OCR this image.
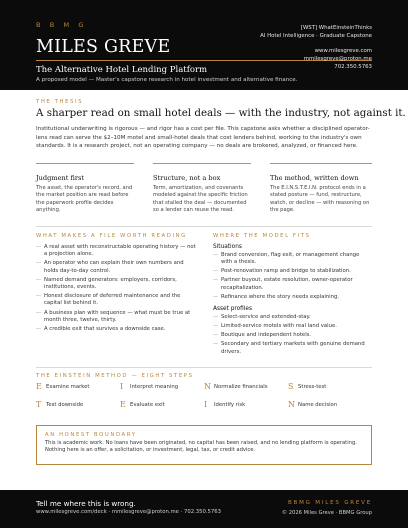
B B M G
MILES GREVE
The Alternative Hotel Lending Platform
A proposed model — Master's capstone research in hotel investment and alternative finance.
[WST] WhatEinsteinThinks
AI Hotel Intelligence · Graduate Capstone
www.milesgreve.com
mmilesgreve@proton.me
702.350.5763
THE THESIS
A sharper read on small hotel deals — with the industry, not against it.
Institutional underwriting is rigorous — and rigor has a cost per file. This capstone asks whether a disciplined operator-lens read can serve the $2–10M motel and small-hotel deals that cost lenders behind, working to the industry's own standards. It is a research project, not an operating company — no deals are brokered, analyzed, or financed here.
Judgment first
The asset, the operator's record, and the market position are read before the paperwork profile decides anything.
Structure, not a box
Term, amortization, and covenants modeled against the specific friction that stalled the deal — documented so a lender can reuse the read.
The method, written down
The E.I.N.S.T.E.I.N. protocol ends in a stated posture — fund, restructure, watch, or decline — with reasoning on the page.
WHAT MAKES A FILE WORTH READING
— A real asset with reconstructable operating history — not a projection alone.
— An operator who can explain their own numbers and holds day-to-day control.
— Named demand generators: employers, corridors, institutions, events.
— Honest disclosure of deferred maintenance and the capital list behind it.
— A business plan with sequence — what must be true at month three, twelve, thirty.
— A credible exit that survives a downside case.
WHERE THE MODEL FITS
Situations
— Brand conversion, flag exit, or management change with a thesis.
— Post-renovation ramp and bridge to stabilization.
— Partner buyout, estate resolution, owner-operator recapitalization.
— Refinance where the story needs explaining.
Asset profiles
— Select-service and extended-stay.
— Limited-service motels with real land value.
— Boutique and independent hotels.
— Secondary and tertiary markets with genuine demand drivers.
THE EINSTEIN METHOD — EIGHT STEPS
E Examine market	I Interpret meaning	N Normalize financials	S Stress-test
T Test downside	E Evaluate exit	I Identify risk	N Name decision
AN HONEST BOUNDARY
This is academic work. No loans have been originated, no capital has been raised, and no lending platform is operating. Nothing here is an offer, a solicitation, or investment, legal, tax, or credit advice.
Tell me where this is wrong.
www.milesgreve.com/deck · mmilesgreve@proton.me · 702.350.5763
BBMG MILES GREVE
© 2026 Miles Greve · BBMG Group
